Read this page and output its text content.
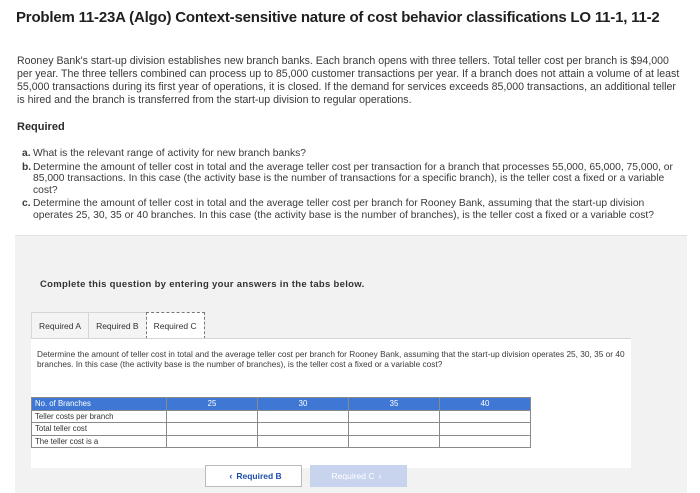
Problem 11-23A (Algo) Context-sensitive nature of cost behavior classifications LO 11-1, 11-2
Rooney Bank's start-up division establishes new branch banks. Each branch opens with three tellers. Total teller cost per branch is $94,000 per year. The three tellers combined can process up to 85,000 customer transactions per year. If a branch does not attain a volume of at least 55,000 transactions during its first year of operations, it is closed. If the demand for services exceeds 85,000 transactions, an additional teller is hired and the branch is transferred from the start-up division to regular operations.
Required
a. What is the relevant range of activity for new branch banks?
b. Determine the amount of teller cost in total and the average teller cost per transaction for a branch that processes 55,000, 65,000, 75,000, or 85,000 transactions. In this case (the activity base is the number of transactions for a specific branch), is the teller cost a fixed or a variable cost?
c. Determine the amount of teller cost in total and the average teller cost per branch for Rooney Bank, assuming that the start-up division operates 25, 30, 35 or 40 branches. In this case (the activity base is the number of branches), is the teller cost a fixed or a variable cost?
Complete this question by entering your answers in the tabs below.
Required A	Required B	Required C
Determine the amount of teller cost in total and the average teller cost per branch for Rooney Bank, assuming that the start-up division operates 25, 30, 35 or 40 branches. In this case (the activity base is the number of branches), is the teller cost a fixed or a variable cost?
No. of Branches	25	30	35	40
Teller costs per branch				
Total teller cost				
The teller cost is a				
‹ Required B	Required C ›
